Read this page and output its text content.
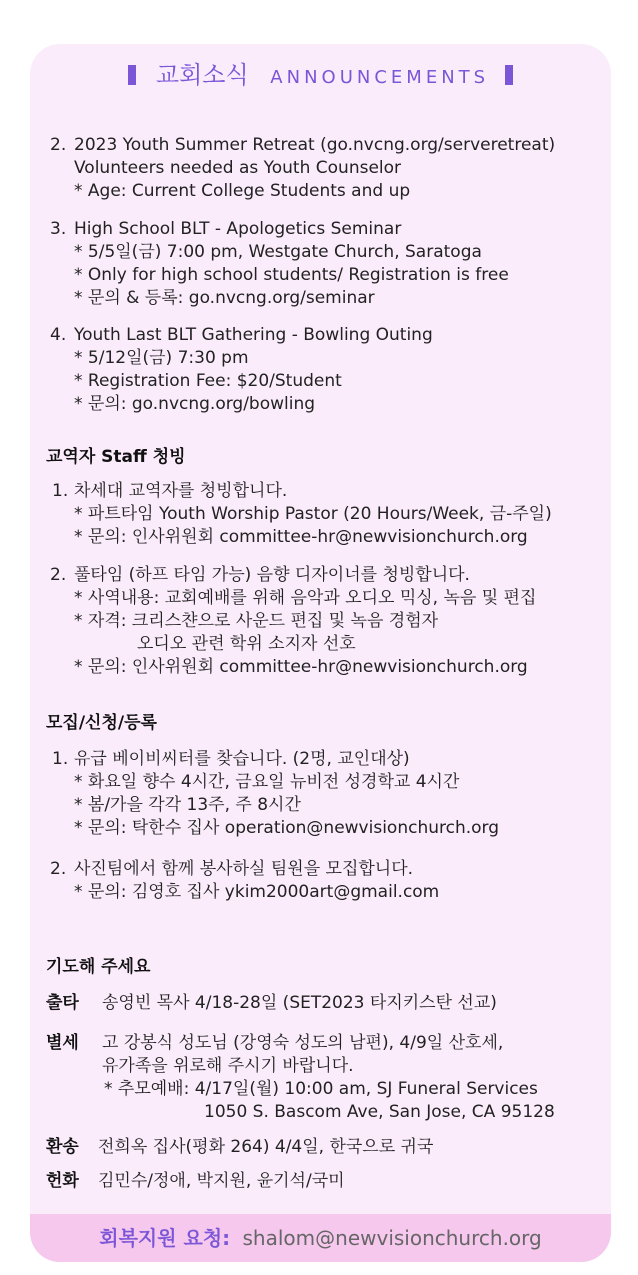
교회소식 ANNOUNCEMENTS
2. 2023 Youth Summer Retreat (go.nvcng.org/serveretreat)
Volunteers needed as Youth Counselor
* Age: Current College Students and up
3. High School BLT - Apologetics Seminar
* 5/5일(금) 7:00 pm, Westgate Church, Saratoga
* Only for high school students/ Registration is free
* 문의 & 등록: go.nvcng.org/seminar
4. Youth Last BLT Gathering - Bowling Outing
* 5/12일(금) 7:30 pm
* Registration Fee: $20/Student
* 문의: go.nvcng.org/bowling
교역자 Staff 청빙
1. 차세대 교역자를 청빙합니다.
* 파트타임 Youth Worship Pastor (20 Hours/Week, 금-주일)
* 문의: 인사위원회 committee-hr@newvisionchurch.org
2. 풀타임 (하프 타임 가능) 음향 디자이너를 청빙합니다.
* 사역내용: 교회예배를 위해 음악과 오디오 믹싱, 녹음 및 편집
* 자격: 크리스챤으로 사운드 편집 및 녹음 경험자
오디오 관련 학위 소지자 선호
* 문의: 인사위원회 committee-hr@newvisionchurch.org
모집/신청/등록
1. 유급 베이비씨터를 찾습니다. (2명, 교인대상)
* 화요일 향수 4시간, 금요일 뉴비전 성경학교 4시간
* 봄/가을 각각 13주, 주 8시간
* 문의: 탁한수 집사 operation@newvisionchurch.org
2. 사진팀에서 함께 봉사하실 팀원을 모집합니다.
* 문의: 김영호 집사 ykim2000art@gmail.com
기도해 주세요
출타 송영빈 목사 4/18-28일 (SET2023 타지키스탄 선교)
별세 고 강봉식 성도님 (강영숙 성도의 남편), 4/9일 산호세,
유가족을 위로해 주시기 바랍니다.
* 추모예배: 4/17일(월) 10:00 am, SJ Funeral Services
1050 S. Bascom Ave, San Jose, CA 95128
환송 전희옥 집사(평화 264) 4/4일, 한국으로 귀국
헌화 김민수/정애, 박지원, 윤기석/국미
회복지원 요청: shalom@newvisionchurch.org
